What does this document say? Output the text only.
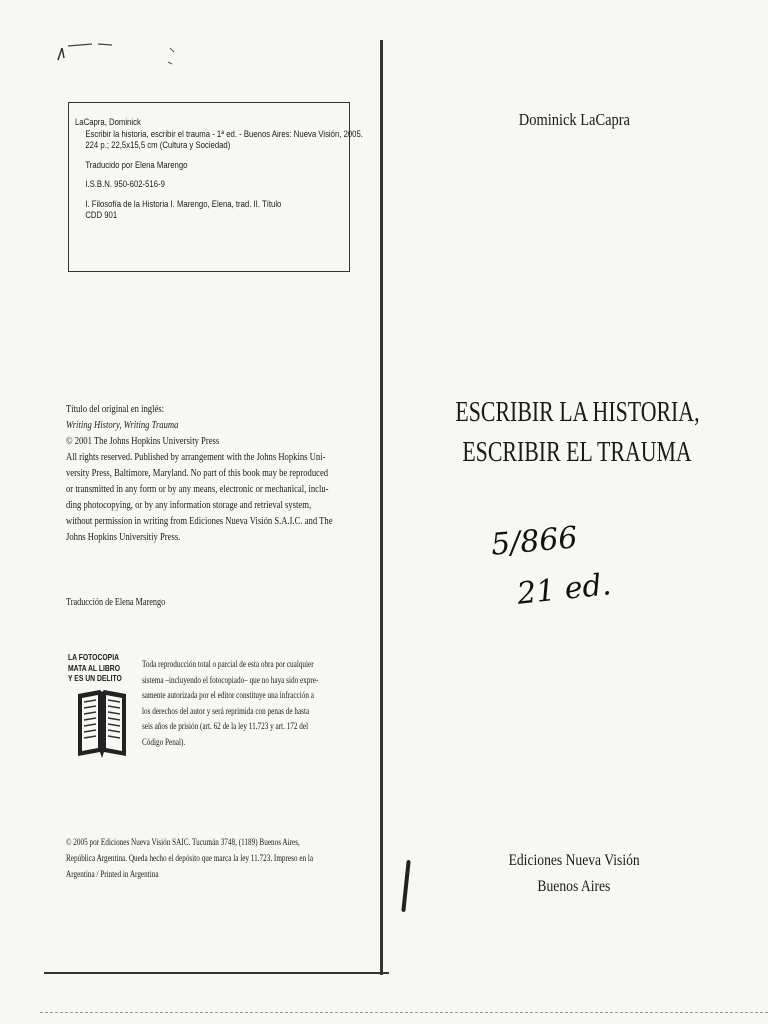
LaCapra, Dominick
Escribir la historia, escribir el trauma - 1ª ed. - Buenos Aires: Nueva Visión, 2005.
224 p.; 22,5x15,5 cm (Cultura y Sociedad)
Traducido por Elena Marengo
I.S.B.N. 950-602-516-9
I. Filosofía de la Historia I. Marengo, Elena, trad. II. Título
CDD 901
Título del original en inglés:
Writing History, Writing Trauma
© 2001 The Johns Hopkins University Press
All rights reserved. Published by arrangement with the Johns Hopkins Uni-
versity Press, Baltimore, Maryland. No part of this book may be reproduced
or transmitted in any form or by any means, electronic or mechanical, inclu-
ding photocopying, or by any information storage and retrieval system,
without permission in writing from Ediciones Nueva Visión S.A.I.C. and The
Johns Hopkins Universitiy Press.
Traducción de Elena Marengo
LA FOTOCOPIA
MATA AL LIBRO
Y ES UN DELITO
Toda reproducción total o parcial de esta obra por cualquier
sistema –incluyendo el fotocopiado– que no haya sido expre-
samente autorizada por el editor constituye una infracción a
los derechos del autor y será reprimida con penas de hasta
seis años de prisión (art. 62 de la ley 11.723 y art. 172 del
Código Penal).
© 2005 por Ediciones Nueva Visión SAIC. Tucumán 3748, (1189) Buenos Aires,
República Argentina. Queda hecho el depósito que marca la ley 11.723. Impreso en la
Argentina / Printed in Argentina
Dominick LaCapra
ESCRIBIR LA HISTORIA,
ESCRIBIR EL TRAUMA
5/866
21 ed.
Ediciones Nueva Visión
Buenos Aires
